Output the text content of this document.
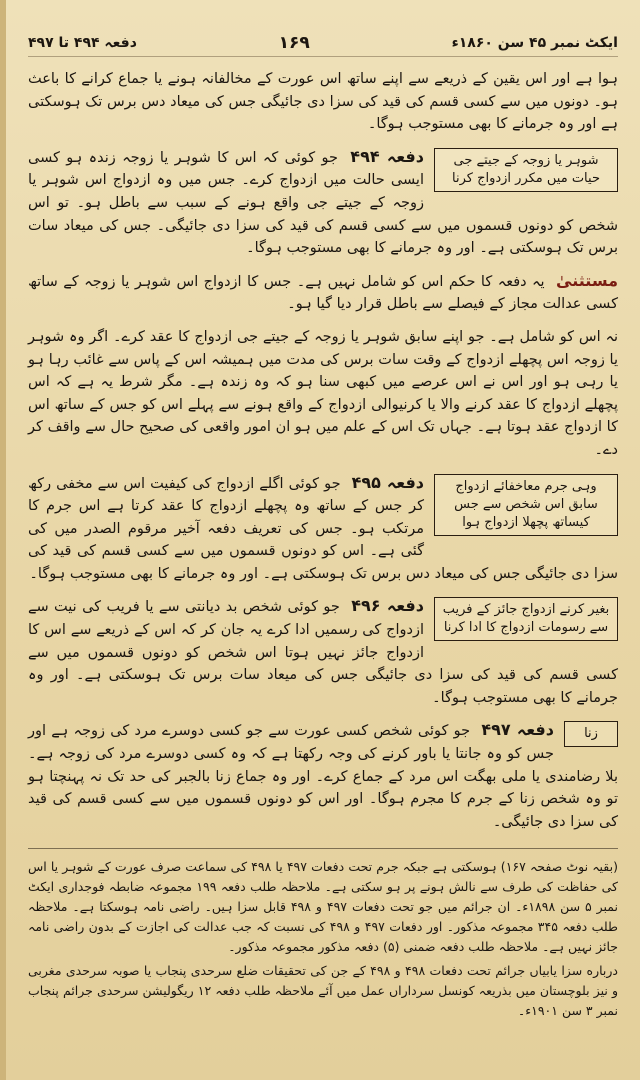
دفعہ ۴۹۴ تا ۴۹۷	۱۶۹	ایکٹ نمبر ۴۵ سن ۱۸۶۰ء

ہوا ہے اور اس یقین کے ذریعے سے اپنے ساتھ اس عورت کے مخالفانہ ہونے یا جماع کرانے کا باعث ہو۔ دونوں میں سے کسی قسم کی قید کی سزا دی جائیگی جس کی میعاد دس برس تک ہوسکتی ہے اور وہ جرمانے کا بھی مستوجب ہوگا۔

شوہر یا زوجہ کے جیتے جی حیات میں مکرر ازدواج کرنا
دفعہ ۴۹۴ جو کوئی کہ اس کا شوہر یا زوجہ زندہ ہو کسی ایسی حالت میں ازدواج کرے۔ جس میں وہ ازدواج اس شوہر یا زوجہ کے جیتے جی واقع ہونے کے سبب سے باطل ہو۔ تو اس شخص کو دونوں قسموں میں سے کسی قسم کی قید کی سزا دی جائیگی۔ جس کی میعاد سات برس تک ہوسکتی ہے۔ اور وہ جرمانے کا بھی مستوجب ہوگا۔

مستثنیٰ یہ دفعہ کا حکم اس کو شامل نہیں ہے۔ جس کا ازدواج اس شوہر یا زوجہ کے ساتھ کسی عدالت مجاز کے فیصلے سے باطل قرار دیا گیا ہو۔

نہ اس کو شامل ہے۔ جو اپنے سابق شوہر یا زوجہ کے جیتے جی ازدواج کا عقد کرے۔ اگر وہ شوہر یا زوجہ اس پچھلے ازدواج کے وقت سات برس کی مدت میں ہمیشہ اس کے پاس سے غائب رہا ہو یا رہی ہو اور اس نے اس عرصے میں کبھی سنا ہو کہ وہ زندہ ہے۔ مگر شرط یہ ہے کہ اس پچھلے ازدواج کا عقد کرنے والا یا کرنیوالی ازدواج کے واقع ہونے سے پہلے اس کو جس کے ساتھ اس کا ازدواج عقد ہوتا ہے۔ جہاں تک اس کے علم میں ہو ان امور واقعی کی صحیح حال سے واقف کر دے۔

وہی جرم معاخفائے ازدواج سابق اس شخص سے جس کیساتھ پچھلا ازدواج ہوا
دفعہ ۴۹۵ جو کوئی اگلے ازدواج کی کیفیت اس سے مخفی رکھ کر جس کے ساتھ وہ پچھلے ازدواج کا عقد کرتا ہے اس جرم کا مرتکب ہو۔ جس کی تعریف دفعہ آخیر مرقوم الصدر میں کی گئی ہے۔ اس کو دونوں قسموں میں سے کسی قسم کی قید کی سزا دی جائیگی جس کی میعاد دس برس تک ہوسکتی ہے۔ اور وہ جرمانے کا بھی مستوجب ہوگا۔

بغیر کرنے ازدواج جائز کے فریب سے رسومات ازدواج کا ادا کرنا
دفعہ ۴۹۶ جو کوئی شخص بد دیانتی سے یا فریب کی نیت سے ازدواج کی رسمیں ادا کرے یہ جان کر کہ اس کے ذریعے سے اس کا ازدواج جائز نہیں ہوتا اس شخص کو دونوں قسموں میں سے کسی قسم کی قید کی سزا دی جائیگی جس کی میعاد سات برس تک ہوسکتی ہے۔ اور وہ جرمانے کا بھی مستوجب ہوگا۔

زنا
دفعہ ۴۹۷ جو کوئی شخص کسی عورت سے جو کسی دوسرے مرد کی زوجہ ہے اور جس کو وہ جانتا یا باور کرنے کی وجہ رکھتا ہے کہ وہ کسی دوسرے مرد کی زوجہ ہے۔ بلا رضامندی یا ملی بھگت اس مرد کے جماع کرے۔ اور وہ جماع زنا بالجبر کی حد تک نہ پہنچتا ہو تو وہ شخص زنا کے جرم کا مجرم ہوگا۔ اور اس کو دونوں قسموں میں سے کسی قسم کی قید کی سزا دی جائیگی۔

(بقیہ نوٹ صفحہ ۱۶۷) ہوسکتی ہے جبکہ جرم تحت دفعات ۴۹۷ یا ۴۹۸ کی سماعت صرف عورت کے شوہر یا اس کی حفاظت کی طرف سے نالش ہونے پر ہو سکتی ہے۔ ملاحظہ طلب دفعہ ۱۹۹ مجموعہ ضابطہ فوجداری ایکٹ نمبر ۵ سن ۱۸۹۸ء۔ ان جرائم میں جو تحت دفعات ۴۹۷ و ۴۹۸ قابل سزا ہیں۔ راضی نامہ ہوسکتا ہے۔ ملاحظہ طلب دفعہ ۳۴۵ مجموعہ مذکور۔ اور دفعات ۴۹۷ و ۴۹۸ کی نسبت کہ جب عدالت کی اجازت کے بدون راضی نامہ جائز نہیں ہے۔ ملاحظہ طلب دفعہ ضمنی (۵) دفعہ مذکور مجموعہ مذکور۔

درباره سزا یابیاں جرائم تحت دفعات ۴۹۸ و ۴۹۸ کے جن کی تحقیقات ضلع سرحدی پنجاب یا صوبہ سرحدی مغربی و نیز بلوچستان میں بذریعہ کونسل سرداراں عمل میں آئے ملاحظہ طلب دفعہ ۱۲ ریگولیشن سرحدی جرائم پنجاب نمبر ۳ سن ۱۹۰۱ء۔
